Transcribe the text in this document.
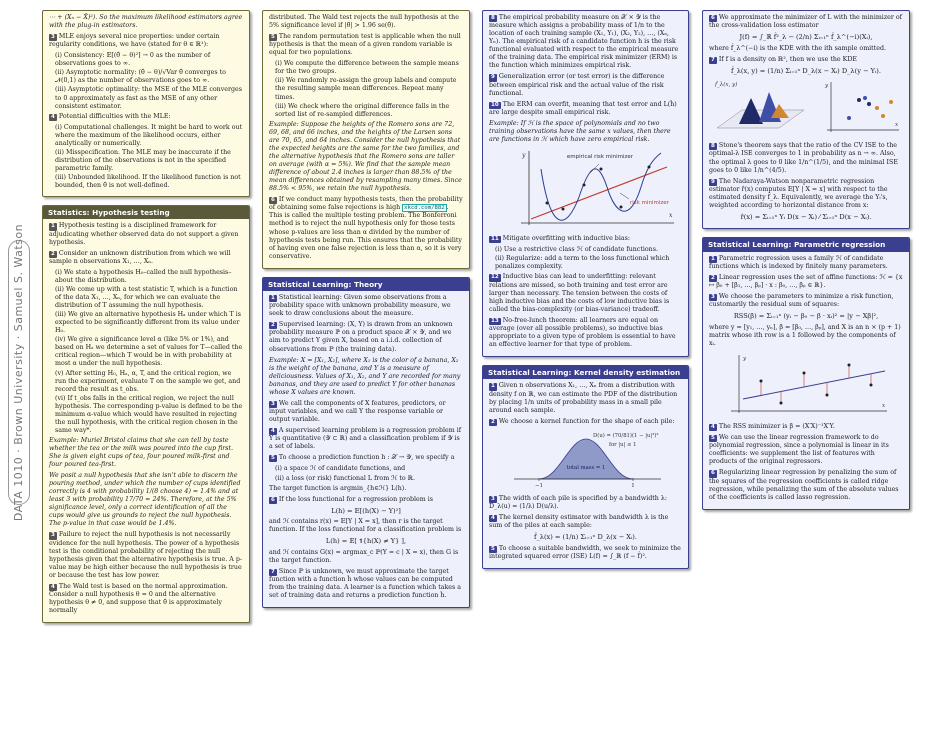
DATA 1010 · Brown University · Samuel S. Watson
⋯ + (Xₙ − X̄)²). So the maximum likelihood estimators agree with the plug-in estimators.
3 MLE enjoys several nice properties: under certain regularity conditions, we have (stated for θ ∈ ℝ¹):
(i) Consistency: 𝔼[(θ̂ − θ)²] → 0 as the number of observations goes to ∞.
(ii) Asymptotic normality: (θ̂ − θ)/√Var θ̂ converges to 𝒩(0,1) as the number of observations goes to ∞.
(iii) Asymptotic optimality: the MSE of the MLE converges to 0 approximately as fast as the MSE of any other consistent estimator.
4 Potential difficulties with the MLE:
(i) Computational challenges. It might be hard to work out where the maximum of the likelihood occurs, either analytically or numerically.
(ii) Misspecification. The MLE may be inaccurate if the distribution of the observations is not in the specified parametric family.
(iii) Unbounded likelihood. If the likelihood function is not bounded, then θ̂ is not well-defined.
Statistics: Hypothesis testing
1 Hypothesis testing is a disciplined framework for adjudicating whether observed data do not support a given hypothesis.
2 Consider an unknown distribution from which we will sample n observations X₁, …, Xₙ.
(i) We state a hypothesis H₀–called the null hypothesis–about the distribution.
(ii) We come up with a test statistic T, which is a function of the data X₁, …, Xₙ, for which we can evaluate the distribution of T assuming the null hypothesis.
(iii) We give an alternative hypothesis Hₐ under which T is expected to be significantly different from its value under H₀.
(iv) We give a significance level α (like 5% or 1%), and based on Hₐ we determine a set of values for T—called the critical region—which T would be in with probability at most α under the null hypothesis.
(v) After setting H₀, Hₐ, α, T, and the critical region, we run the experiment, evaluate T on the sample we get, and record the result as t_obs.
(vi) If t_obs falls in the critical region, we reject the null hypothesis. The corresponding p-value is defined to be the minimum α-value which would have resulted in rejecting the null hypothesis, with the critical region chosen in the same way*.
Example: Muriel Bristol claims that she can tell by taste whether the tea or the milk was poured into the cup first. She is given eight cups of tea, four poured milk-first and four poured tea-first.
We posit a null hypothesis that she isn't able to discern the pouring method, under which the number of cups identified correctly is 4 with probability 1/(8 choose 4) ≈ 1.4% and at least 3 with probability 17/70 ≈ 24%. Therefore, at the 5% significance level, only a correct identification of all the cups would give us grounds to reject the null hypothesis. The p-value in that case would be 1.4%.
3 Failure to reject the null hypothesis is not necessarily evidence for the null hypothesis. The power of a hypothesis test is the conditional probability of rejecting the null hypothesis given that the alternative hypothesis is true. A p-value may be high either because the null hypothesis is true or because the test has low power.
4 The Wald test is based on the normal approximation. Consider a null hypothesis θ = 0 and the alternative hypothesis θ ≠ 0, and suppose that θ̂ is approximately normally
distributed. The Wald test rejects the null hypothesis at the 5% significance level if |θ̂| > 1.96 se(θ̂).
5 The random permutation test is applicable when the null hypothesis is that the mean of a given random variable is equal for two populations.
(i) We compute the difference between the sample means for the two groups.
(ii) We randomly re-assign the group labels and compute the resulting sample mean differences. Repeat many times.
(iii) We check where the original difference falls in the sorted list of re-sampled differences.
Example: Suppose the heights of the Romero sons are 72, 69, 68, and 66 inches, and the heights of the Larsen sons are 70, 65, and 64 inches. Consider the null hypothesis that the expected heights are the same for the two families, and the alternative hypothesis that the Romero sons are taller on average (with α = 5%). We find that the sample mean difference of about 2.4 inches is larger than 88.5% of the mean differences obtained by resampling many times. Since 88.5% < 95%, we retain the null hypothesis.
6 If we conduct many hypothesis tests, then the probability of obtaining some false rejections is high xkcd.com/882 . This is called the multiple testing problem. The Bonferroni method is to reject the null hypothesis only for those tests whose p-values are less than α divided by the number of hypothesis tests being run. This ensures that the probability of having even one false rejection is less than α, so it is very conservative.
Statistical Learning: Theory
1 Statistical learning: Given some observations from a probability space with unknown probability measure, we seek to draw conclusions about the measure.
2 Supervised learning: (X, Y) is drawn from an unknown probability measure ℙ on a product space 𝒳 × 𝒴, and we aim to predict Y given X, based on a i.i.d. collection of observations from ℙ (the training data).
Example: X = [X₁, X₂], where X₁ is the color of a banana, X₂ is the weight of the banana, and Y is a measure of deliciousness. Values of X₁, X₂, and Y are recorded for many bananas, and they are used to predict Y for other bananas whose X values are known.
3 We call the components of X features, predictors, or input variables, and we call Y the response variable or output variable.
4 A supervised learning problem is a regression problem if Y is quantitative (𝒴 ⊂ ℝ) and a classification problem if 𝒴 is a set of labels.
5 To choose a prediction function h : 𝒳 → 𝒴, we specify a
(i) a space ℋ of candidate functions, and
(ii) a loss (or risk) functional L from ℋ to ℝ.
The target function is argmin_{h∈ℋ} L(h).
6 If the loss functional for a regression problem is
L(h) = 𝔼[(h(X) − Y)²]
and ℋ contains r(x) = 𝔼[Y | X = x], then r is the target function. If the loss functional for a classification problem is
L(h) = 𝔼[ 𝟏{h(X) ≠ Y} ],
and ℋ contains G(x) = argmax_c ℙ(Y = c | X = x), then G is the target function.
7 Since ℙ is unknown, we must approximate the target function with a function ĥ whose values can be computed from the training data. A learner is a function which takes a set of training data and returns a prediction function ĥ.
8 The empirical probability measure on 𝒳 × 𝒴 is the measure which assigns a probability mass of 1/n to the location of each training sample (X₁, Y₁), (X₂, Y₂), …, (Xₙ, Yₙ). The empirical risk of a candidate function h is the risk functional evaluated with respect to the empirical measure of the training data. The empirical risk minimizer (ERM) is the function which minimizes empirical risk.
9 Generalization error (or test error) is the difference between empirical risk and the actual value of the risk functional.
10 The ERM can overfit, meaning that test error and L(ĥ) are large despite small empirical risk.
Example: If ℋ is the space of polynomials and no two training observations have the same x values, then there are functions in ℋ which have zero empirical risk.
empirical risk minimizer
risk minimizer
x
y
11 Mitigate overfitting with inductive bias:
(i) Use a restrictive class ℋ of candidate functions.
(ii) Regularize: add a term to the loss functional which penalizes complexity.
12 Inductive bias can lead to underfitting: relevant relations are missed, so both training and test error are larger than necessary. The tension between the costs of high inductive bias and the costs of low inductive bias is called the bias-complexity (or bias-variance) tradeoff.
13 No-free-lunch theorem: all learners are equal on average (over all possible problems), so inductive bias appropriate to a given type of problem is essential to have an effective learner for that type of problem.
Statistical Learning: Kernel density estimation
1 Given n observations X₁, …, Xₙ from a distribution with density f on ℝ, we can estimate the PDF of the distribution by placing 1/n units of probability mass in a small pile around each sample.
2 We choose a kernel function for the shape of each pile:
−1	1
D(u) = (70/81)(1 − |u|³)³
for |u| ≤ 1
total mass = 1
3 The width of each pile is specified by a bandwidth λ: D_λ(u) = (1/λ) D(u/λ).
4 The kernel density estimator with bandwidth λ is the sum of the piles at each sample:
f̂_λ(x) = (1/n) Σᵢ₌₁ⁿ D_λ(x − Xᵢ).
5 To choose a suitable bandwidth, we seek to minimize the integrated squared error (ISE) L(f) = ∫_ℝ (f − f̂)².
6 We approximate the minimizer of L with the minimizer of the cross-validation loss estimator
J(f) = ∫_ℝ f̂²_λ − (2/n) Σᵢ₌₁ⁿ f̂_λ^(−i)(Xᵢ),
where f̂_λ^(−i) is the KDE with the ith sample omitted.
7 If f is a density on ℝ², then we use the KDE
f̂_λ(x, y) = (1/n) Σᵢ₌₁ⁿ D_λ(x − Xᵢ) D_λ(y − Yᵢ).
f̂_λ(x, y)
x
y
8 Stone's theorem says that the ratio of the CV ISE to the optimal-λ ISE converges to 1 in probability as n → ∞. Also, the optimal λ goes to 0 like 1/n^(1/5), and the minimal ISE goes to 0 like 1/n^(4/5).
9 The Nadaraya-Watson nonparametric regression estimator r̂(x) computes 𝔼[Y | X = x] with respect to the estimated density f̂_λ. Equivalently, we average the Yᵢ's, weighted according to horizontal distance from x:
r̂(x) = Σᵢ₌₁ⁿ Yᵢ D(x − Xᵢ) ⁄ Σᵢ₌₁ⁿ D(x − Xᵢ).
Statistical Learning: Parametric regression
1 Parametric regression uses a family ℋ of candidate functions which is indexed by finitely many parameters.
2 Linear regression uses the set of affine functions: ℋ = {x ↦ β₀ + [β₁, …, βₚ] · x : β₀, …, βₚ ∈ ℝ}.
3 We choose the parameters to minimize a risk function, customarily the residual sum of squares:
RSS(β) = Σᵢ₌₁ⁿ (yᵢ − β₀ − β · xᵢ)² = |y − Xβ|²,
where y = [y₁, …, yₙ], β = [β₀, …, βₚ], and X is an n × (p + 1) matrix whose ith row is a 1 followed by the components of xᵢ.
x
y
4 The RSS minimizer is β = (X′X)⁻¹X′Y.
5 We can use the linear regression framework to do polynomial regression, since a polynomial is linear in its coefficients: we supplement the list of features with products of the original regressors.
6 Regularizing linear regression by penalizing the sum of the squares of the regression coefficients is called ridge regression, while penalizing the sum of the absolute values of the coefficients is called lasso regression.
